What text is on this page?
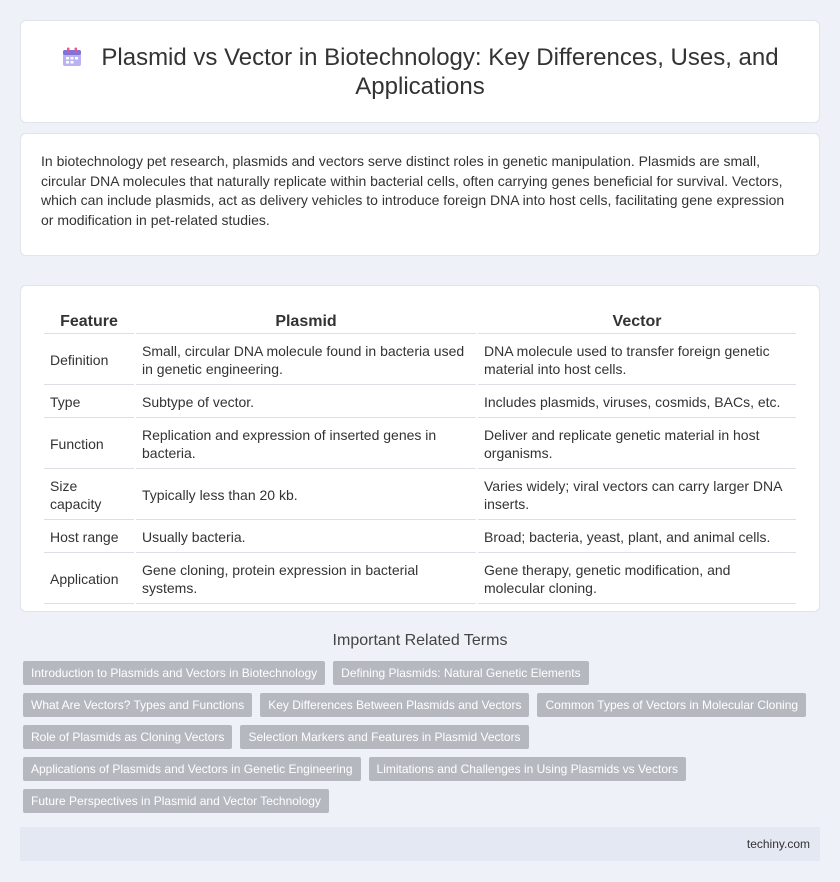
Plasmid vs Vector in Biotechnology: Key Differences, Uses, and Applications

In biotechnology pet research, plasmids and vectors serve distinct roles in genetic manipulation. Plasmids are small, circular DNA molecules that naturally replicate within bacterial cells, often carrying genes beneficial for survival. Vectors, which can include plasmids, act as delivery vehicles to introduce foreign DNA into host cells, facilitating gene expression or modification in pet-related studies.

Feature	Plasmid	Vector
Definition	Small, circular DNA molecule found in bacteria used in genetic engineering.	DNA molecule used to transfer foreign genetic material into host cells.
Type	Subtype of vector.	Includes plasmids, viruses, cosmids, BACs, etc.
Function	Replication and expression of inserted genes in bacteria.	Deliver and replicate genetic material in host organisms.
Size capacity	Typically less than 20 kb.	Varies widely; viral vectors can carry larger DNA inserts.
Host range	Usually bacteria.	Broad; bacteria, yeast, plant, and animal cells.
Application	Gene cloning, protein expression in bacterial systems.	Gene therapy, genetic modification, and molecular cloning.
Important Related Terms
Introduction to Plasmids and Vectors in Biotechnology	Defining Plasmids: Natural Genetic Elements
What Are Vectors? Types and Functions	Key Differences Between Plasmids and Vectors	Common Types of Vectors in Molecular Cloning
Role of Plasmids as Cloning Vectors	Selection Markers and Features in Plasmid Vectors
Applications of Plasmids and Vectors in Genetic Engineering	Limitations and Challenges in Using Plasmids vs Vectors
Future Perspectives in Plasmid and Vector Technology
techiny.com
